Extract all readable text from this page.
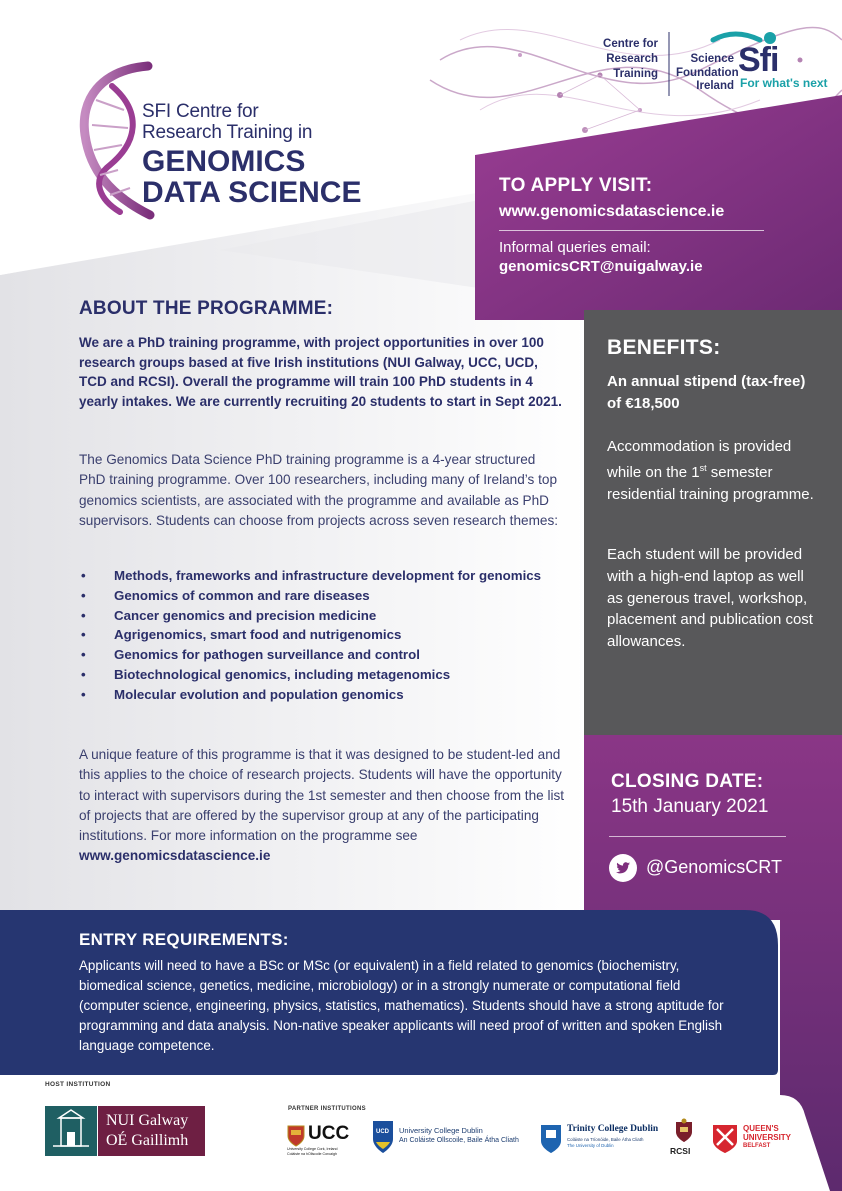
SFI Centre for
Research Training in
GENOMICS
DATA SCIENCE
Centre for Research Training
Science Foundation Ireland
Sfi
For what's next
TO APPLY VISIT:
www.genomicsdatascience.ie
Informal queries email:
genomicsCRT@nuigalway.ie
ABOUT THE PROGRAMME:
We are a PhD training programme, with project opportunities in over 100 research groups based at five Irish institutions (NUI Galway, UCC, UCD, TCD and RCSI). Overall the programme will train 100 PhD students in 4 yearly intakes. We are currently recruiting 20 students to start in Sept 2021.
The Genomics Data Science PhD training programme is a 4-year structured PhD training programme. Over 100 researchers, including many of Ireland’s top genomics scientists, are associated with the programme and available as PhD supervisors. Students can choose from projects across seven research themes:
• Methods, frameworks and infrastructure development for genomics
• Genomics of common and rare diseases
• Cancer genomics and precision medicine
• Agrigenomics, smart food and nutrigenomics
• Genomics for pathogen surveillance and control
• Biotechnological genomics, including metagenomics
• Molecular evolution and population genomics
A unique feature of this programme is that it was designed to be student-led and this applies to the choice of research projects. Students will have the opportunity to interact with supervisors during the 1st semester and then choose from the list of projects that are offered by the supervisor group at any of the participating institutions. For more information on the programme see
www.genomicsdatascience.ie
BENEFITS:
An annual stipend (tax-free) of €18,500
Accommodation is provided while on the 1st semester residential training programme.
Each student will be provided with a high-end laptop as well as generous travel, workshop, placement and publication cost allowances.
CLOSING DATE:
15th January 2021
@GenomicsCRT
ENTRY REQUIREMENTS:
Applicants will need to have a BSc or MSc (or equivalent) in a field related to genomics (biochemistry, biomedical science, genetics, medicine, microbiology) or in a strongly numerate or computational field (computer science, engineering, physics, statistics, mathematics). Students should have a strong aptitude for programming and data analysis. Non-native speaker applicants will need proof of written and spoken English language competence.
HOST INSTITUTION
PARTNER INSTITUTIONS
NUI Galway
OÉ Gaillimh	UCC
University College Cork, Ireland
Coláiste na hOllscoile Corcaigh
UCD University College Dublin
An Coláiste Ollscoile, Baile Átha Cliath
Trinity College Dublin
Coláiste na Tríonóide, Baile Átha Cliath
The University of Dublin
RCSI
QUEEN'S
UNIVERSITY
BELFAST
